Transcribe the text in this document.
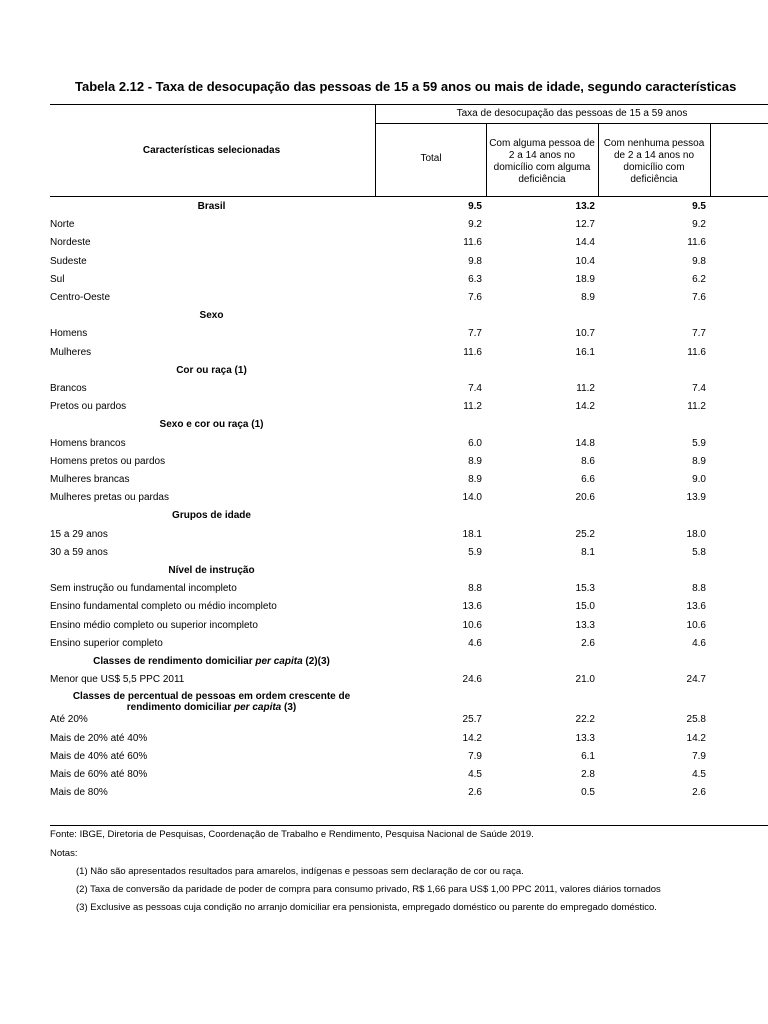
Tabela 2.12 - Taxa de desocupação das pessoas de 15 a 59 anos ou mais de idade, segundo características
Características selecionadas
Taxa de desocupação das pessoas de 15 a 59 anos
Total
Com alguma pessoa de 2 a 14 anos no domicílio com alguma deficiência
Com nenhuma pessoa de 2 a 14 anos no domicílio com deficiência
Brasil	9.5	13.2	9.5
Norte	9.2	12.7	9.2
Nordeste	11.6	14.4	11.6
Sudeste	9.8	10.4	9.8
Sul	6.3	18.9	6.2
Centro-Oeste	7.6	8.9	7.6
Sexo
Homens	7.7	10.7	7.7
Mulheres	11.6	16.1	11.6
Cor ou raça (1)
Brancos	7.4	11.2	7.4
Pretos ou pardos	11.2	14.2	11.2
Sexo e cor ou raça (1)
Homens brancos	6.0	14.8	5.9
Homens pretos ou pardos	8.9	8.6	8.9
Mulheres brancas	8.9	6.6	9.0
Mulheres pretas ou pardas	14.0	20.6	13.9
Grupos de idade
15 a 29 anos	18.1	25.2	18.0
30 a 59 anos	5.9	8.1	5.8
Nível de instrução
Sem instrução ou fundamental incompleto	8.8	15.3	8.8
Ensino fundamental completo ou médio incompleto	13.6	15.0	13.6
Ensino médio completo ou superior incompleto	10.6	13.3	10.6
Ensino superior completo	4.6	2.6	4.6
Classes de rendimento domiciliar per capita (2)(3)
Menor que US$ 5,5 PPC 2011	24.6	21.0	24.7
Classes de percentual de pessoas em ordem crescente de
rendimento domiciliar per capita (3)
Até 20%	25.7	22.2	25.8
Mais de 20% até 40%	14.2	13.3	14.2
Mais de 40% até 60%	7.9	6.1	7.9
Mais de 60% até 80%	4.5	2.8	4.5
Mais de 80%	2.6	0.5	2.6
Fonte: IBGE, Diretoria de Pesquisas, Coordenação de Trabalho e Rendimento, Pesquisa Nacional de Saúde 2019.
Notas:
(1) Não são apresentados resultados para amarelos, indígenas e pessoas sem declaração de cor ou raça.
(2) Taxa de conversão da paridade de poder de compra para consumo privado, R$ 1,66 para US$ 1,00 PPC 2011, valores diários tornados
(3) Exclusive as pessoas cuja condição no arranjo domiciliar era pensionista, empregado doméstico ou parente do empregado doméstico.
